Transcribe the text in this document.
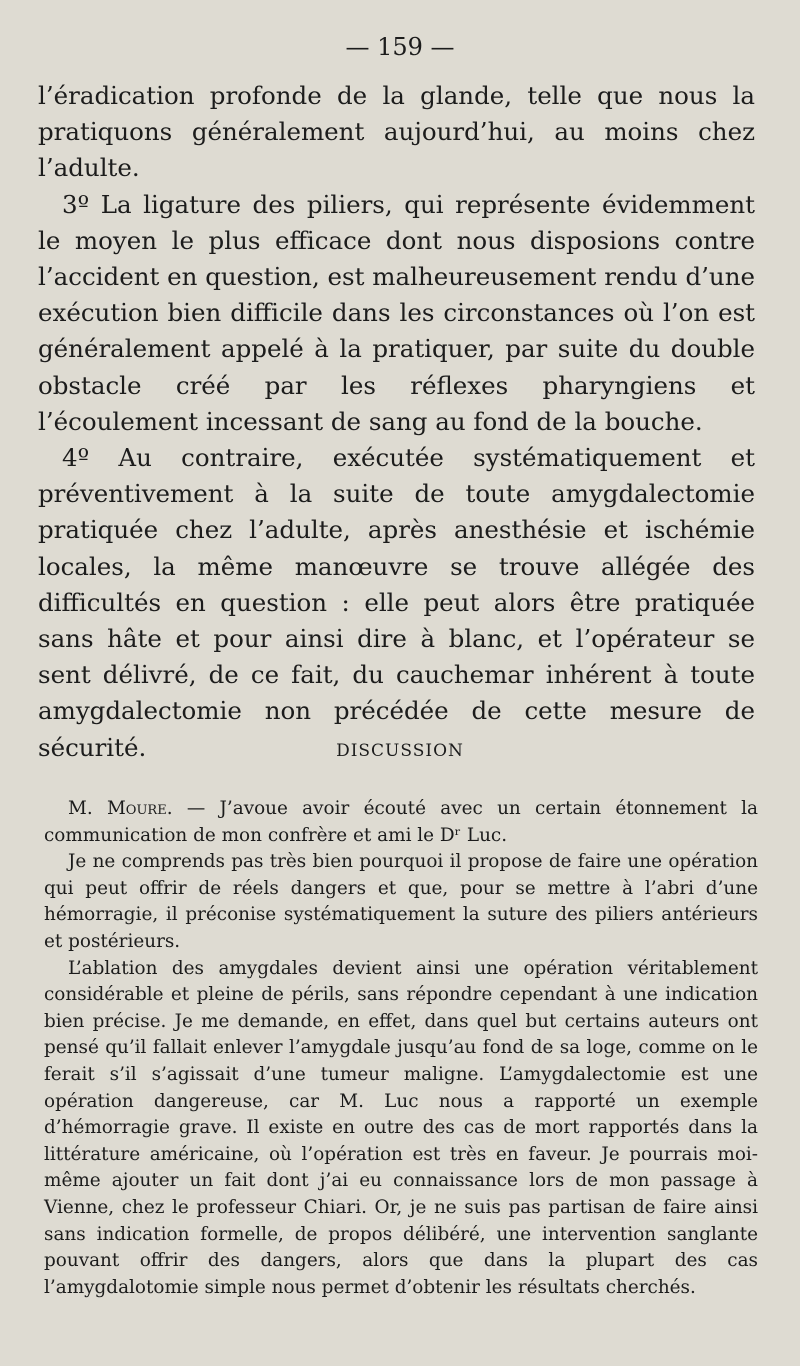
— 159 —

l’éradication profonde de la glande, telle que nous la pratiquons généralement aujourd’hui, au moins chez l’adulte.

3º La ligature des piliers, qui représente évidemment le moyen le plus efficace dont nous disposions contre l’accident en question, est malheureusement rendu d’une exécution bien difficile dans les circonstances où l’on est généralement appelé à la pratiquer, par suite du double obstacle créé par les réflexes pharyngiens et l’écoulement incessant de sang au fond de la bouche.

4º Au contraire, exécutée systématiquement et préventivement à la suite de toute amygdalectomie pratiquée chez l’adulte, après anesthésie et ischémie locales, la même manœuvre se trouve allégée des difficultés en question : elle peut alors être pratiquée sans hâte et pour ainsi dire à blanc, et l’opérateur se sent délivré, de ce fait, du cauchemar inhérent à toute amygdalectomie non précédée de cette mesure de sécurité.	DISCUSSION

M. Moure. — J’avoue avoir écouté avec un certain étonnement la communication de mon confrère et ami le Dʳ Luc.

Je ne comprends pas très bien pourquoi il propose de faire une opération qui peut offrir de réels dangers et que, pour se mettre à l’abri d’une hémorragie, il préconise systématiquement la suture des piliers antérieurs et postérieurs.

L’ablation des amygdales devient ainsi une opération véritablement considérable et pleine de périls, sans répondre cependant à une indication bien précise. Je me demande, en effet, dans quel but certains auteurs ont pensé qu’il fallait enlever l’amygdale jusqu’au fond de sa loge, comme on le ferait s’il s’agissait d’une tumeur maligne. L’amygdalectomie est une opération dangereuse, car M. Luc nous a rapporté un exemple d’hémorragie grave. Il existe en outre des cas de mort rapportés dans la littérature américaine, où l’opération est très en faveur. Je pourrais moi-même ajouter un fait dont j’ai eu connaissance lors de mon passage à Vienne, chez le professeur Chiari. Or, je ne suis pas partisan de faire ainsi sans indication formelle, de propos délibéré, une intervention sanglante pouvant offrir des dangers, alors que dans la plupart des cas l’amygdalotomie simple nous permet d’obtenir les résultats cherchés.
